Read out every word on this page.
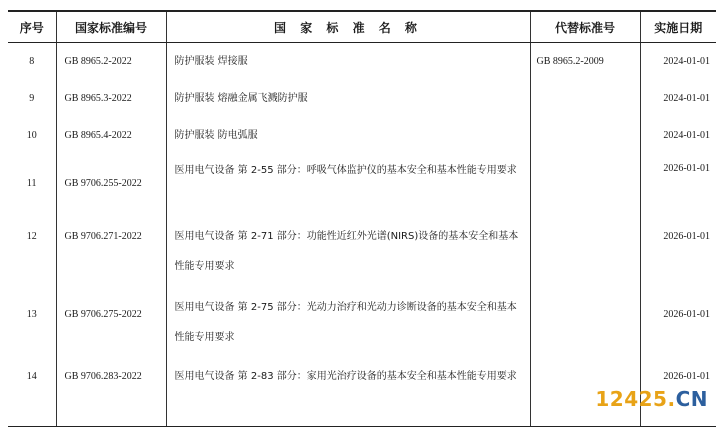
序号	国家标准编号	国 家 标 准 名 称	代替标准号	实施日期

8	GB 8965.2-2022	防护服装 焊接服	GB 8965.2-2009	2024-01-01

9	GB 8965.3-2022	防护服装 熔融金属飞溅防护服		2024-01-01

10	GB 8965.4-2022	防护服装 防电弧服		2024-01-01

11	GB 9706.255-2022	医用电气设备 第 2-55 部分：呼吸气体监护仪的基本安全和基本性能专用要求		2026-01-01

12	GB 9706.271-2022	医用电气设备 第 2-71 部分：功能性近红外光谱(NIRS)设备的基本安全和基本性能专用要求		2026-01-01

13	GB 9706.275-2022	医用电气设备 第 2-75 部分：光动力治疗和光动力诊断设备的基本安全和基本性能专用要求		2026-01-01

14	GB 9706.283-2022	医用电气设备 第 2-83 部分：家用光治疗设备的基本安全和基本性能专用要求		2026-01-01
12425.CN
